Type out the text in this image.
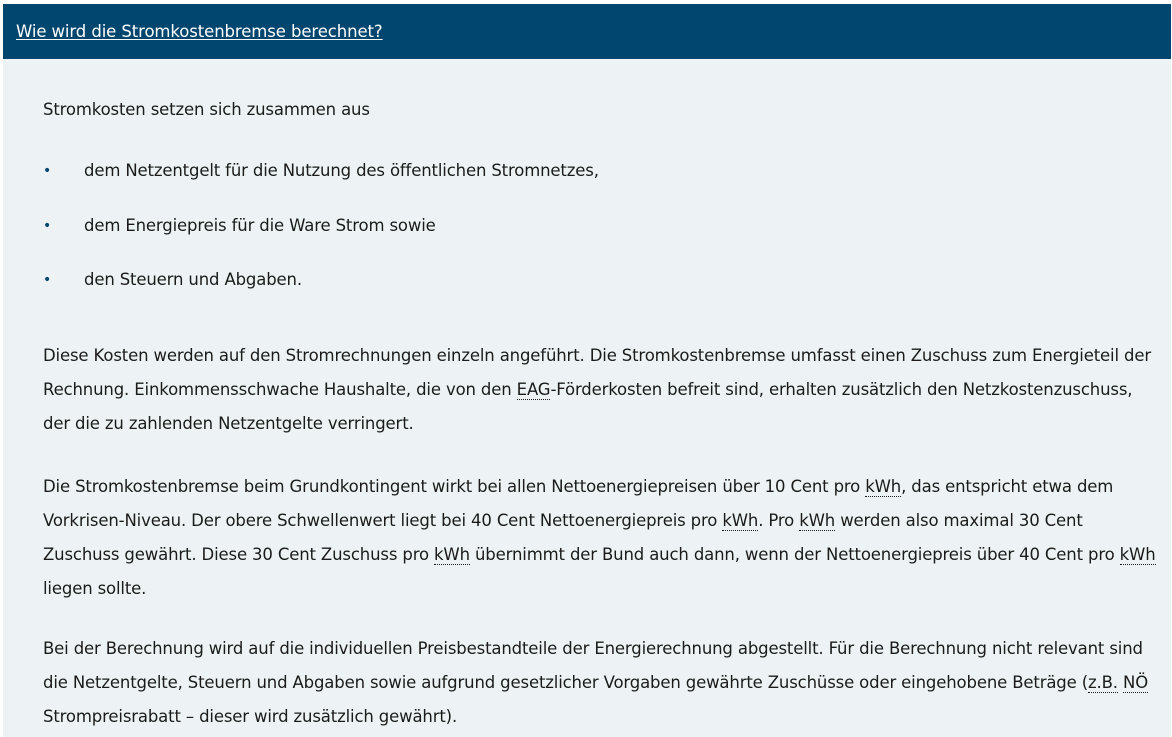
Wie wird die Stromkostenbremse berechnet?

Stromkosten setzen sich zusammen aus

• dem Netzentgelt für die Nutzung des öffentlichen Stromnetzes,
• dem Energiepreis für die Ware Strom sowie
• den Steuern und Abgaben.

Diese Kosten werden auf den Stromrechnungen einzeln angeführt. Die Stromkostenbremse umfasst einen Zuschuss zum Energieteil der Rechnung. Einkommensschwache Haushalte, die von den EAG-Förderkosten befreit sind, erhalten zusätzlich den Netzkostenzuschuss, der die zu zahlenden Netzentgelte verringert.

Die Stromkostenbremse beim Grundkontingent wirkt bei allen Nettoenergiepreisen über 10 Cent pro kWh, das entspricht etwa dem Vorkrisen-Niveau. Der obere Schwellenwert liegt bei 40 Cent Nettoenergiepreis pro kWh. Pro kWh werden also maximal 30 Cent Zuschuss gewährt. Diese 30 Cent Zuschuss pro kWh übernimmt der Bund auch dann, wenn der Nettoenergiepreis über 40 Cent pro kWh liegen sollte.

Bei der Berechnung wird auf die individuellen Preisbestandteile der Energierechnung abgestellt. Für die Berechnung nicht relevant sind die Netzentgelte, Steuern und Abgaben sowie aufgrund gesetzlicher Vorgaben gewährte Zuschüsse oder eingehobene Beträge (z.B. NÖ Strompreisrabatt – dieser wird zusätzlich gewährt).
